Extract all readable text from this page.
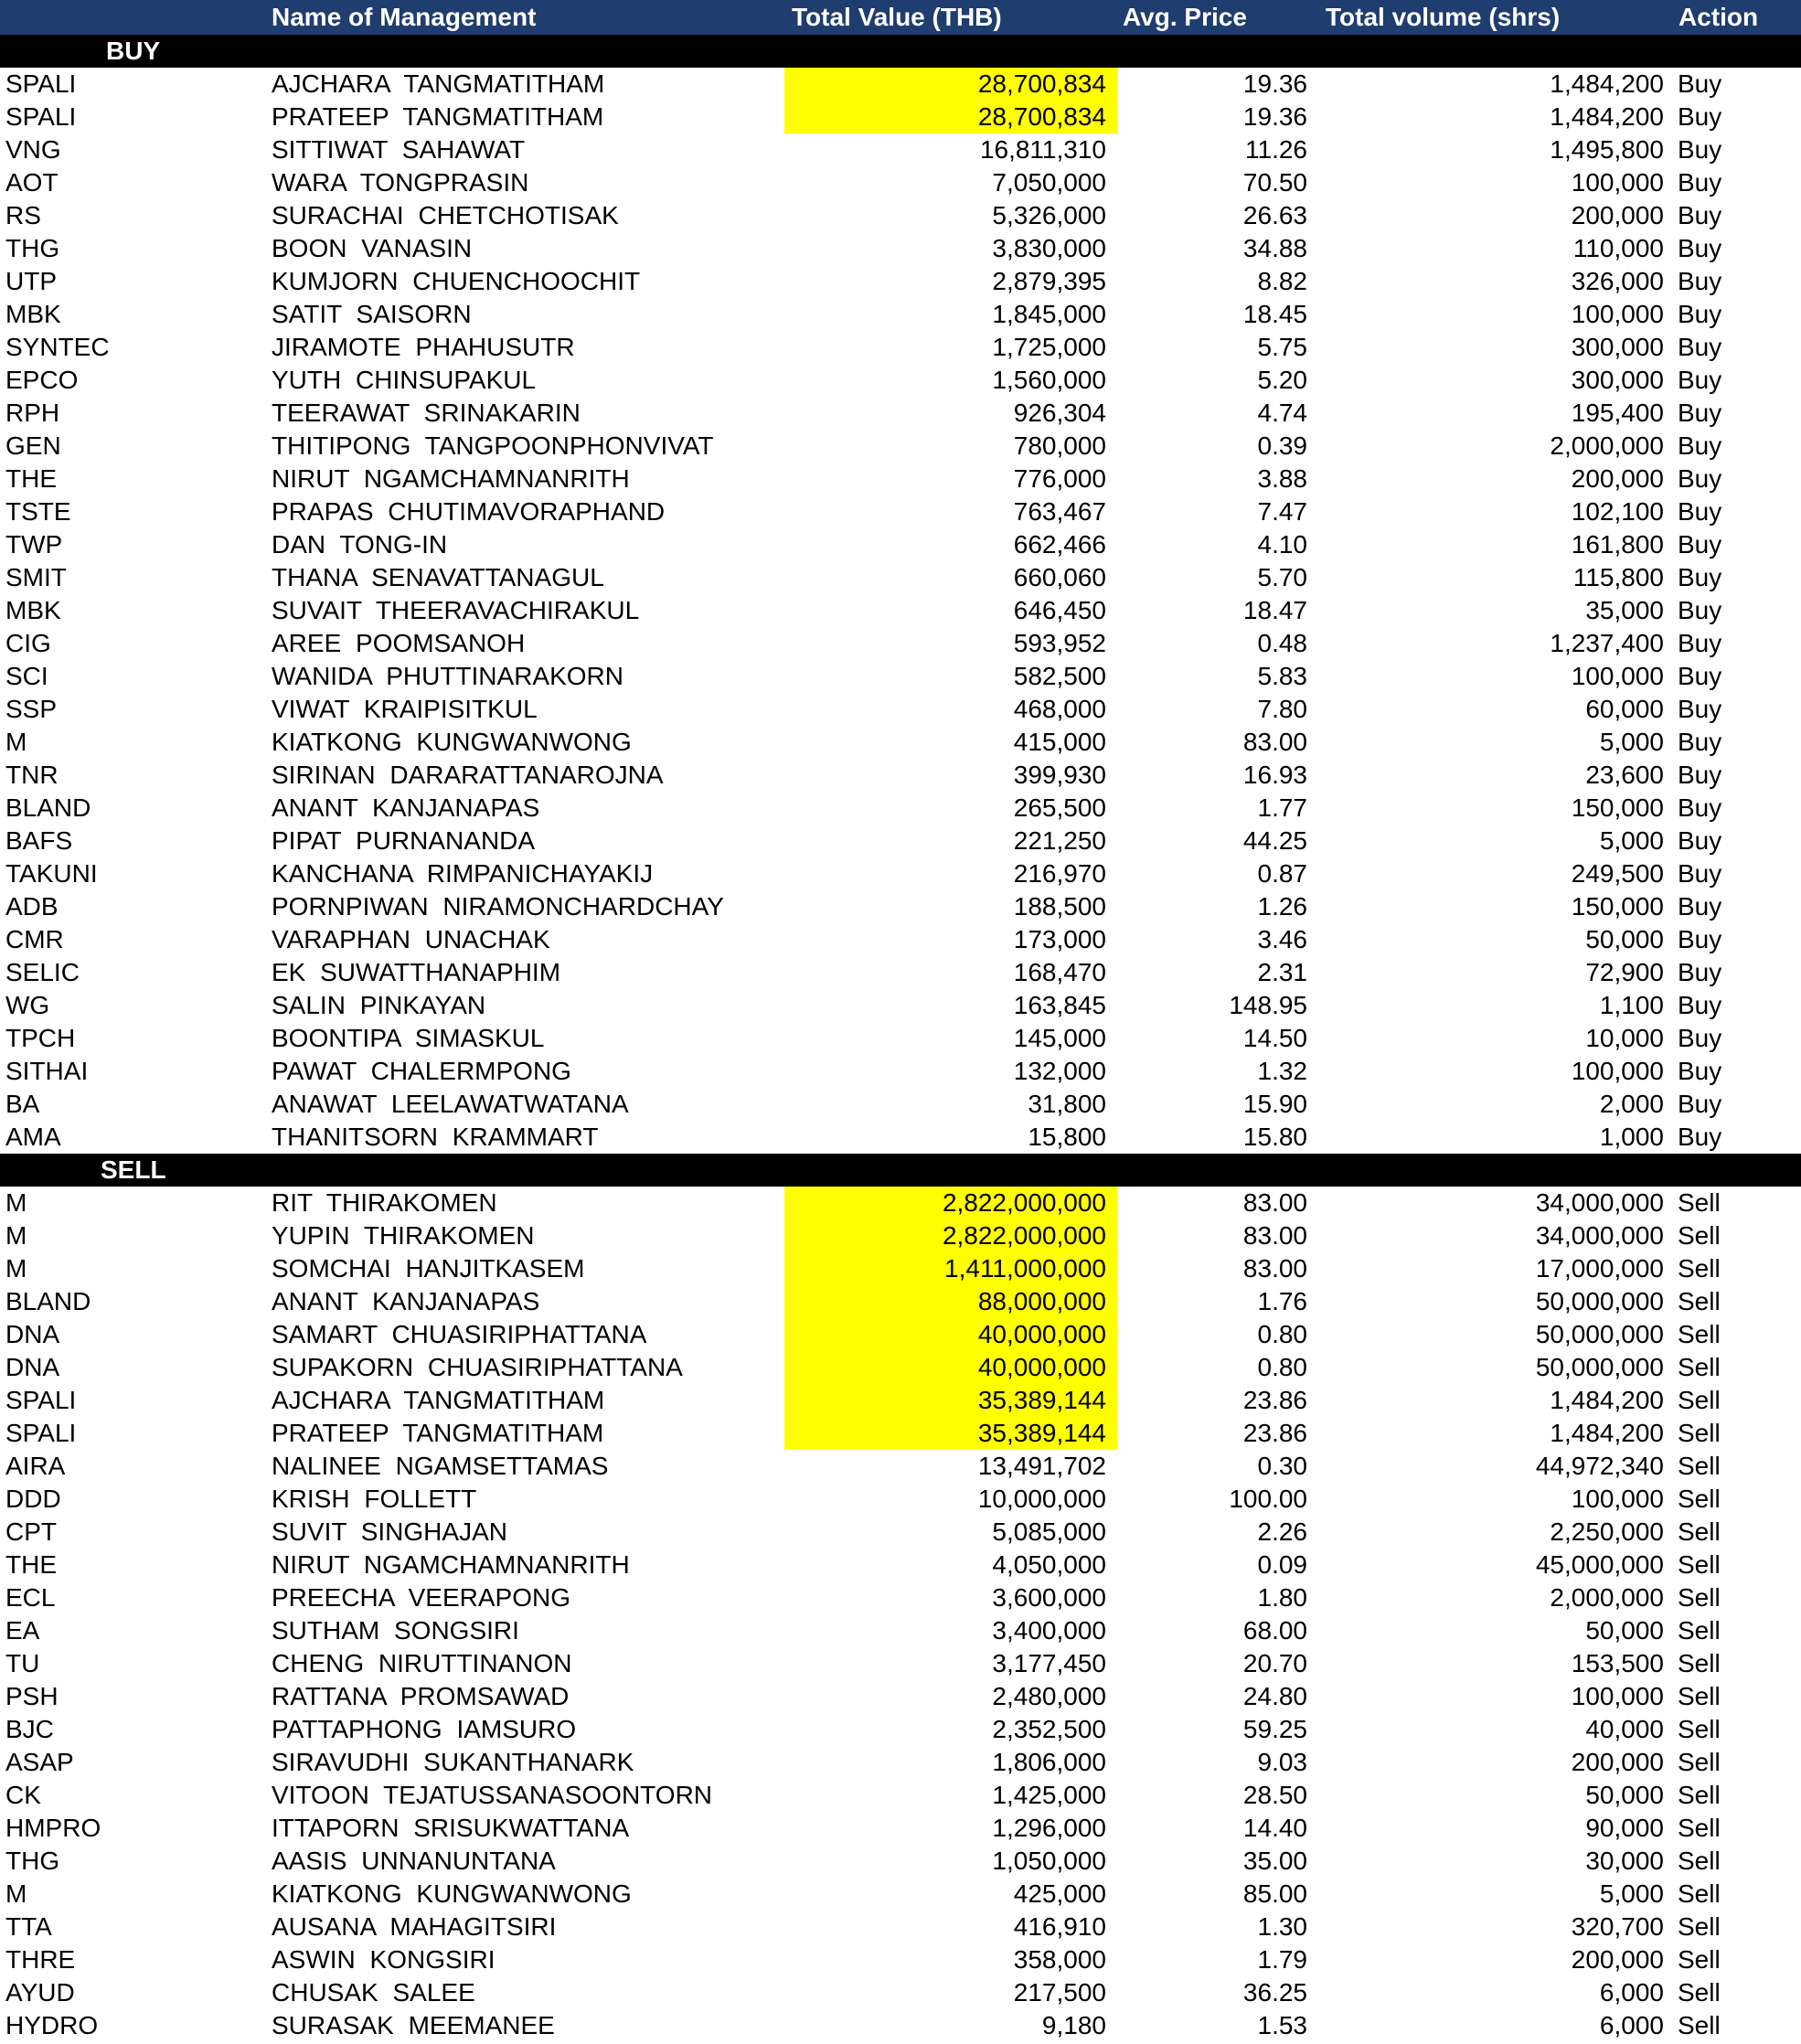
Name of Management	Total Value (THB)	Avg. Price	Total volume (shrs)	Action
BUY
SPALI	AJCHARA TANGMATITHAM	28,700,834	19.36	1,484,200 Buy
SPALI	PRATEEP TANGMATITHAM	28,700,834	19.36	1,484,200 Buy
VNG	SITTIWAT SAHAWAT	16,811,310	11.26	1,495,800 Buy
AOT	WARA TONGPRASIN	7,050,000	70.50	100,000 Buy
RS	SURACHAI CHETCHOTISAK	5,326,000	26.63	200,000 Buy
THG	BOON VANASIN	3,830,000	34.88	110,000 Buy
UTP	KUMJORN CHUENCHOOCHIT	2,879,395	8.82	326,000 Buy
MBK	SATIT SAISORN	1,845,000	18.45	100,000 Buy
SYNTEC	JIRAMOTE PHAHUSUTR	1,725,000	5.75	300,000 Buy
EPCO	YUTH CHINSUPAKUL	1,560,000	5.20	300,000 Buy
RPH	TEERAWAT SRINAKARIN	926,304	4.74	195,400 Buy
GEN	THITIPONG TANGPOONPHONVIVAT	780,000	0.39	2,000,000 Buy
THE	NIRUT NGAMCHAMNANRITH	776,000	3.88	200,000 Buy
TSTE	PRAPAS CHUTIMAVORAPHAND	763,467	7.47	102,100 Buy
TWP	DAN TONG-IN	662,466	4.10	161,800 Buy
SMIT	THANA SENAVATTANAGUL	660,060	5.70	115,800 Buy
MBK	SUVAIT THEERAVACHIRAKUL	646,450	18.47	35,000 Buy
CIG	AREE POOMSANOH	593,952	0.48	1,237,400 Buy
SCI	WANIDA PHUTTINARAKORN	582,500	5.83	100,000 Buy
SSP	VIWAT KRAIPISITKUL	468,000	7.80	60,000 Buy
M	KIATKONG KUNGWANWONG	415,000	83.00	5,000 Buy
TNR	SIRINAN DARARATTANAROJNA	399,930	16.93	23,600 Buy
BLAND	ANANT KANJANAPAS	265,500	1.77	150,000 Buy
BAFS	PIPAT PURNANANDA	221,250	44.25	5,000 Buy
TAKUNI	KANCHANA RIMPANICHAYAKIJ	216,970	0.87	249,500 Buy
ADB	PORNPIWAN NIRAMONCHARDCHAY	188,500	1.26	150,000 Buy
CMR	VARAPHAN UNACHAK	173,000	3.46	50,000 Buy
SELIC	EK SUWATTHANAPHIM	168,470	2.31	72,900 Buy
WG	SALIN PINKAYAN	163,845	148.95	1,100 Buy
TPCH	BOONTIPA SIMASKUL	145,000	14.50	10,000 Buy
SITHAI	PAWAT CHALERMPONG	132,000	1.32	100,000 Buy
BA	ANAWAT LEELAWATWATANA	31,800	15.90	2,000 Buy
AMA	THANITSORN KRAMMART	15,800	15.80	1,000 Buy
SELL
M	RIT THIRAKOMEN	2,822,000,000	83.00	34,000,000 Sell
M	YUPIN THIRAKOMEN	2,822,000,000	83.00	34,000,000 Sell
M	SOMCHAI HANJITKASEM	1,411,000,000	83.00	17,000,000 Sell
BLAND	ANANT KANJANAPAS	88,000,000	1.76	50,000,000 Sell
DNA	SAMART CHUASIRIPHATTANA	40,000,000	0.80	50,000,000 Sell
DNA	SUPAKORN CHUASIRIPHATTANA	40,000,000	0.80	50,000,000 Sell
SPALI	AJCHARA TANGMATITHAM	35,389,144	23.86	1,484,200 Sell
SPALI	PRATEEP TANGMATITHAM	35,389,144	23.86	1,484,200 Sell
AIRA	NALINEE NGAMSETTAMAS	13,491,702	0.30	44,972,340 Sell
DDD	KRISH FOLLETT	10,000,000	100.00	100,000 Sell
CPT	SUVIT SINGHAJAN	5,085,000	2.26	2,250,000 Sell
THE	NIRUT NGAMCHAMNANRITH	4,050,000	0.09	45,000,000 Sell
ECL	PREECHA VEERAPONG	3,600,000	1.80	2,000,000 Sell
EA	SUTHAM SONGSIRI	3,400,000	68.00	50,000 Sell
TU	CHENG NIRUTTINANON	3,177,450	20.70	153,500 Sell
PSH	RATTANA PROMSAWAD	2,480,000	24.80	100,000 Sell
BJC	PATTAPHONG IAMSURO	2,352,500	59.25	40,000 Sell
ASAP	SIRAVUDHI SUKANTHANARK	1,806,000	9.03	200,000 Sell
CK	VITOON TEJATUSSANASOONTORN	1,425,000	28.50	50,000 Sell
HMPRO	ITTAPORN SRISUKWATTANA	1,296,000	14.40	90,000 Sell
THG	AASIS UNNANUNTANA	1,050,000	35.00	30,000 Sell
M	KIATKONG KUNGWANWONG	425,000	85.00	5,000 Sell
TTA	AUSANA MAHAGITSIRI	416,910	1.30	320,700 Sell
THRE	ASWIN KONGSIRI	358,000	1.79	200,000 Sell
AYUD	CHUSAK SALEE	217,500	36.25	6,000 Sell
HYDRO	SURASAK MEEMANEE	9,180	1.53	6,000 Sell
